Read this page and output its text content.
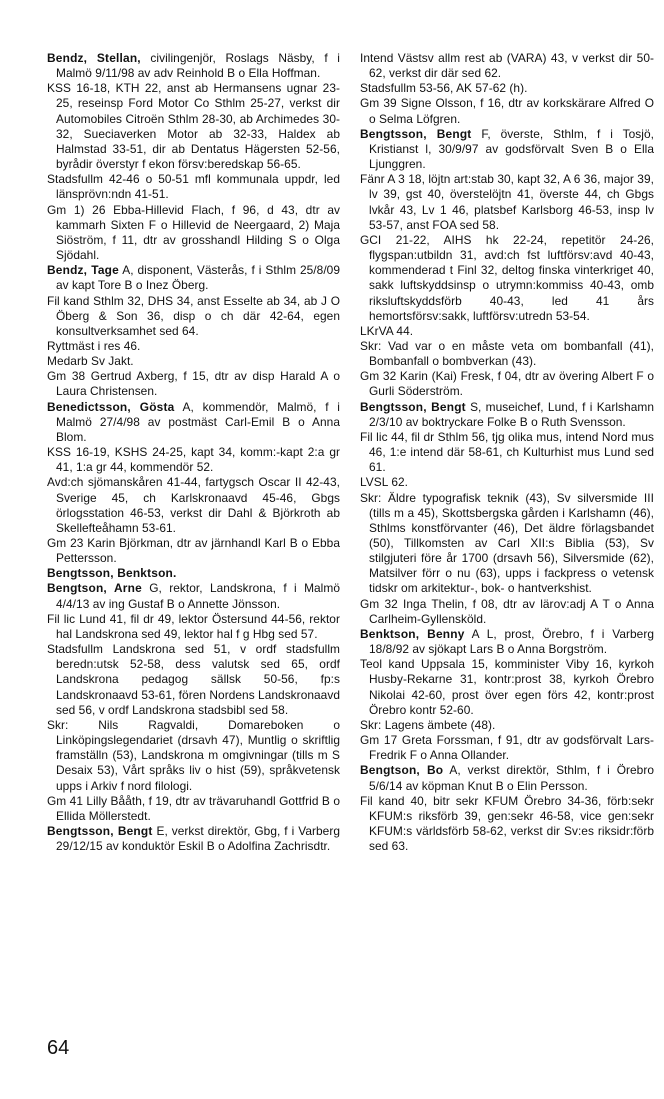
Bendz, Stellan, civilingenjör, Roslags Näsby, f i Malmö 9/11/98 av adv Reinhold B o Ella Hoffman.

KSS 16-18, KTH 22, anst ab Hermansens ugnar 23-25, reseinsp Ford Motor Co Sthlm 25-27, verkst dir Automobiles Citroën Sthlm 28-30, ab Archimedes 30-32, Sueciaverken Motor ab 32-33, Haldex ab Halmstad 33-51, dir ab Dentatus Hägersten 52-56, byrådir överstyr f ekon försv:beredskap 56-65.

Stadsfullm 42-46 o 50-51 mfl kommunala uppdr, led länsprövn:ndn 41-51.

Gm 1) 26 Ebba-Hillevid Flach, f 96, d 43, dtr av kammarh Sixten F o Hillevid de Neergaard, 2) Maja Siöström, f 11, dtr av grosshandl Hilding S o Olga Sjödahl.

Bendz, Tage A, disponent, Västerås, f i Sthlm 25/8/09 av kapt Tore B o Inez Öberg.

Fil kand Sthlm 32, DHS 34, anst Esselte ab 34, ab J O Öberg & Son 36, disp o ch där 42-64, egen konsultverksamhet sed 64.

Ryttmäst i res 46.

Medarb Sv Jakt.

Gm 38 Gertrud Axberg, f 15, dtr av disp Harald A o Laura Christensen.

Benedictsson, Gösta A, kommendör, Malmö, f i Malmö 27/4/98 av postmäst Carl-Emil B o Anna Blom.

KSS 16-19, KSHS 24-25, kapt 34, komm:-kapt 2:a gr 41, 1:a gr 44, kommendör 52.

Avd:ch sjömanskåren 41-44, fartygsch Oscar II 42-43, Sverige 45, ch Karlskronaavd 45-46, Gbgs örlogsstation 46-53, verkst dir Dahl & Björkroth ab Skellefteåhamn 53-61.

Gm 23 Karin Björkman, dtr av järnhandl Karl B o Ebba Pettersson.

Bengtsson, Benktson.

Bengtson, Arne G, rektor, Landskrona, f i Malmö 4/4/13 av ing Gustaf B o Annette Jönsson.

Fil lic Lund 41, fil dr 49, lektor Östersund 44-56, rektor hal Landskrona sed 49, lektor hal f g Hbg sed 57.

Stadsfullm Landskrona sed 51, v ordf stadsfullm beredn:utsk 52-58, dess valutsk sed 65, ordf Landskrona pedagog sällsk 50-56, fp:s Landskronaavd 53-61, fören Nordens Landskronaavd sed 56, v ordf Landskrona stadsbibl sed 58.

Skr: Nils Ragvaldi, Domareboken o Linköpingslegendariet (drsavh 47), Muntlig o skriftlig framställn (53), Landskrona m omgivningar (tills m S Desaix 53), Vårt språks liv o hist (59), språkvetensk upps i Arkiv f nord filologi.

Gm 41 Lilly Bååth, f 19, dtr av trävaruhandl Gottfrid B o Ellida Möllerstedt.

Bengtsson, Bengt E, verkst direktör, Gbg, f i Varberg 29/12/15 av konduktör Eskil B o Adolfina Zachrisdtr.

Intend Västsv allm rest ab (VARA) 43, v verkst dir 50-62, verkst dir där sed 62.

Stadsfullm 53-56, AK 57-62 (h).

Gm 39 Signe Olsson, f 16, dtr av korkskärare Alfred O o Selma Löfgren.

Bengtsson, Bengt F, överste, Sthlm, f i Tosjö, Kristianst l, 30/9/97 av godsförvalt Sven B o Ella Ljunggren.

Fänr A 3 18, löjtn art:stab 30, kapt 32, A 6 36, major 39, lv 39, gst 40, överstelöjtn 41, överste 44, ch Gbgs lvkår 43, Lv 1 46, platsbef Karlsborg 46-53, insp lv 53-57, anst FOA sed 58.

GCI 21-22, AIHS hk 22-24, repetitör 24-26, flygspan:utbildn 31, avd:ch fst luftförsv:avd 40-43, kommenderad t Finl 32, deltog finska vinterkriget 40, sakk luftskyddsinsp o utrymn:kommiss 40-43, omb riksluftskyddsförb 40-43, led 41 års hemortsförsv:sakk, luftförsv:utredn 53-54.

LKrVA 44.

Skr: Vad var o en måste veta om bombanfall (41), Bombanfall o bombverkan (43).

Gm 32 Karin (Kai) Fresk, f 04, dtr av övering Albert F o Gurli Söderström.

Bengtsson, Bengt S, museichef, Lund, f i Karlshamn 2/3/10 av boktryckare Folke B o Ruth Svensson.

Fil lic 44, fil dr Sthlm 56, tjg olika mus, intend Nord mus 46, 1:e intend där 58-61, ch Kulturhist mus Lund sed 61.

LVSL 62.

Skr: Äldre typografisk teknik (43), Sv silversmide III (tills m a 45), Skottsbergska gården i Karlshamn (46), Sthlms konstförvanter (46), Det äldre förlagsbandet (50), Tillkomsten av Carl XII:s Biblia (53), Sv stilgjuteri före år 1700 (drsavh 56), Silversmide (62), Matsilver förr o nu (63), upps i fackpress o vetensk tidskr om arkitektur-, bok- o hantverkshist.

Gm 32 Inga Thelin, f 08, dtr av lärov:adj A T o Anna Carlheim-Gyllensköld.

Benktson, Benny A L, prost, Örebro, f i Varberg 18/8/92 av sjökapt Lars B o Anna Borgström.

Teol kand Uppsala 15, komminister Viby 16, kyrkoh Husby-Rekarne 31, kontr:prost 38, kyrkoh Örebro Nikolai 42-60, prost över egen förs 42, kontr:prost Örebro kontr 52-60.

Skr: Lagens ämbete (48).

Gm 17 Greta Forssman, f 91, dtr av godsförvalt Lars-Fredrik F o Anna Ollander.

Bengtson, Bo A, verkst direktör, Sthlm, f i Örebro 5/6/14 av köpman Knut B o Elin Persson.

Fil kand 40, bitr sekr KFUM Örebro 34-36, förb:sekr KFUM:s riksförb 39, gen:sekr 46-58, vice gen:sekr KFUM:s världsförb 58-62, verkst dir Sv:es riksidr:förb sed 63.

64
